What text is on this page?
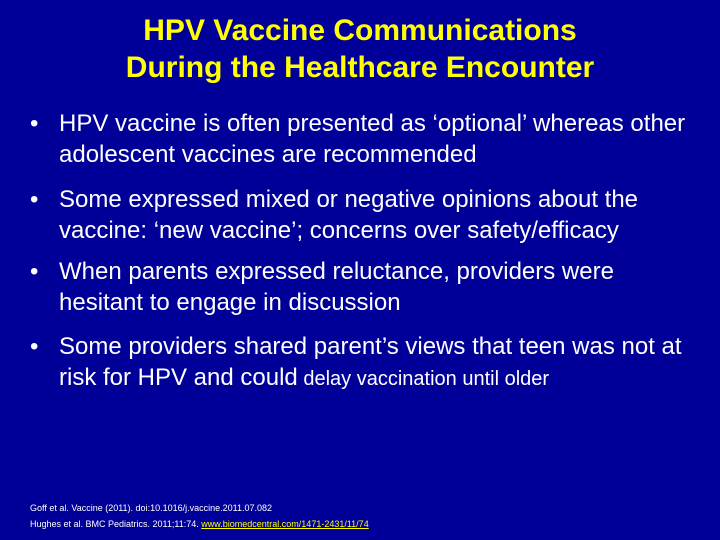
HPV Vaccine Communications
During the Healthcare Encounter
• HPV vaccine is often presented as ‘optional’ whereas other adolescent vaccines are recommended
• Some expressed mixed or negative opinions about the vaccine: ‘new vaccine’; concerns over safety/efficacy
• When parents expressed reluctance, providers were hesitant to engage in discussion
• Some providers shared parent’s views that teen was not at risk for HPV and could delay vaccination until older
Goff et al. Vaccine (2011). doi:10.1016/j.vaccine.2011.07.082
Hughes et al. BMC Pediatrics. 2011;11:74. www.biomedcentral.com/1471-2431/11/74
